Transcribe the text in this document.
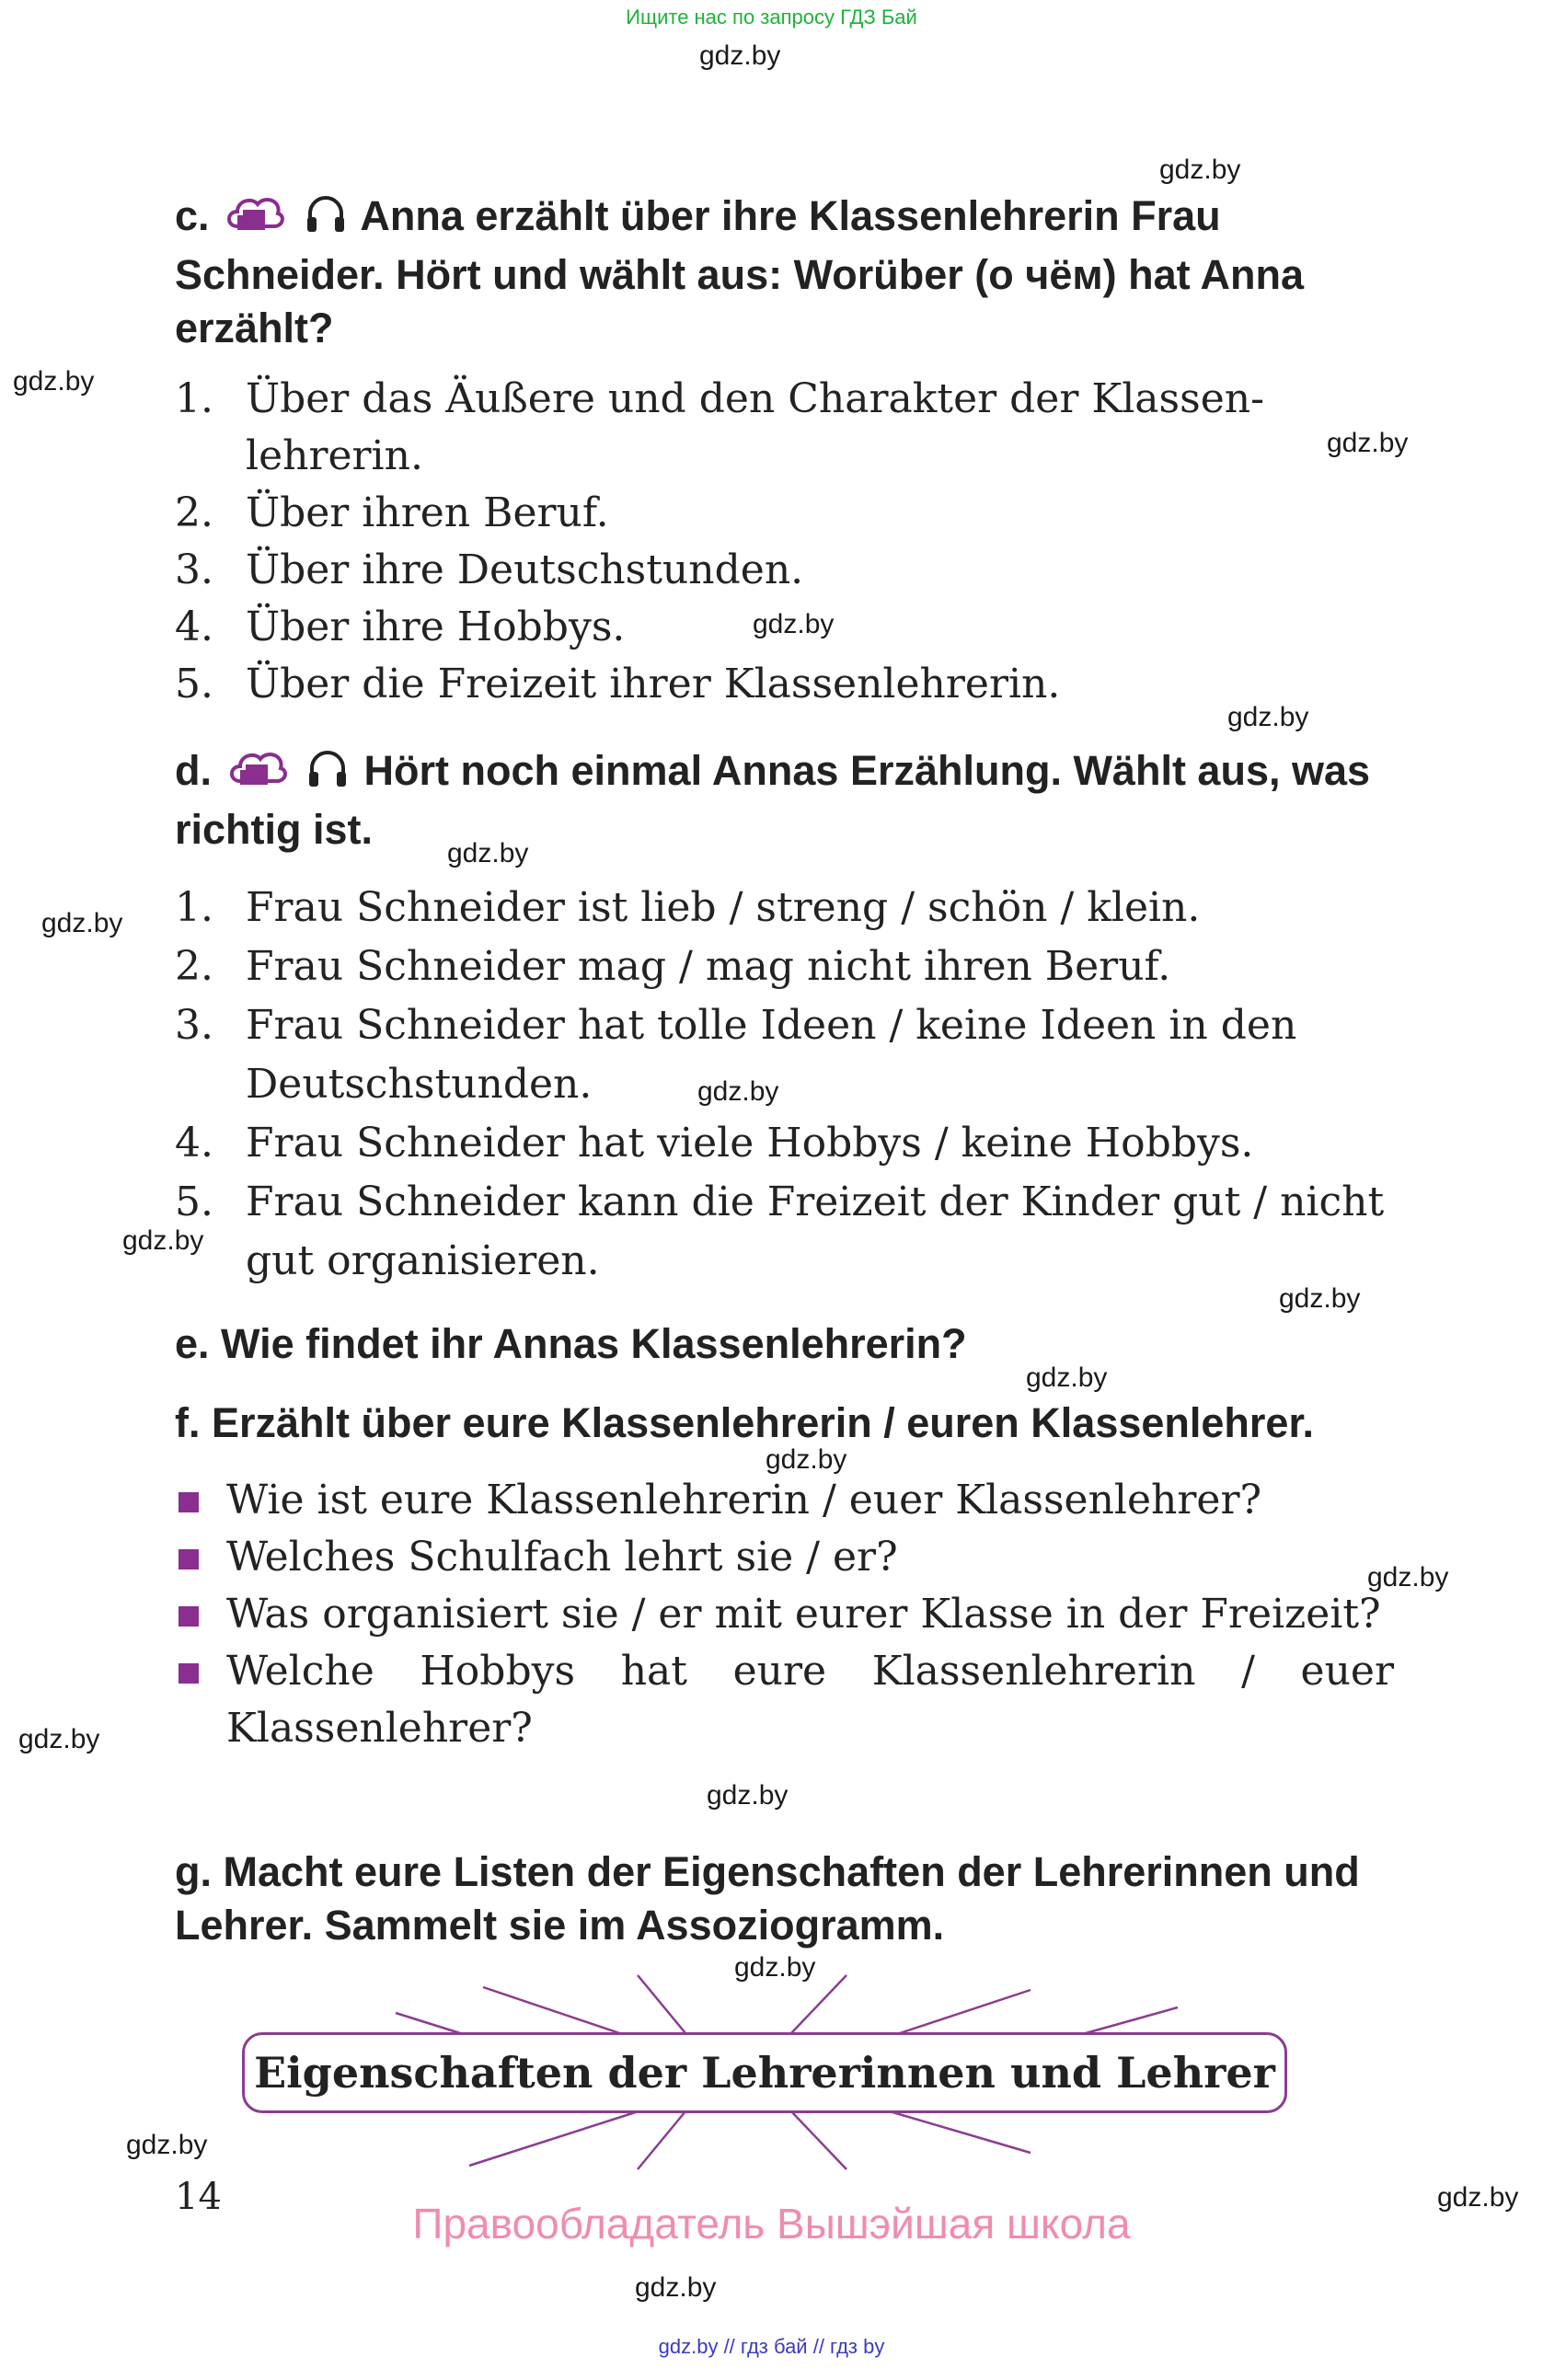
Ищите нас по запросу ГДЗ Бай
gdz.by
gdz.by
gdz.by
gdz.by
gdz.by
gdz.by
gdz.by
gdz.by
gdz.by
gdz.by
gdz.by
gdz.by
gdz.by
gdz.by
gdz.by
gdz.by
gdz.by
gdz.by
gdz.by
gdz.by
c.	Anna erzählt über ihre Klassenlehrerin Frau
Schneider. Hört und wählt aus: Worüber (о чём) hat Anna erzählt?
1. Über das Äußere und den Charakter der Klassen-lehrerin.
2. Über ihren Beruf.
3. Über ihre Deutschstunden.
4. Über ihre Hobbys.
5. Über die Freizeit ihrer Klassenlehrerin.
d.	Hört noch einmal Annas Erzählung. Wählt aus, was richtig ist.
1. Frau Schneider ist lieb / streng / schön / klein.
2. Frau Schneider mag / mag nicht ihren Beruf.
3. Frau Schneider hat tolle Ideen / keine Ideen in den Deutschstunden.
4. Frau Schneider hat viele Hobbys / keine Hobbys.
5. Frau Schneider kann die Freizeit der Kinder gut / nicht gut organisieren.
e. Wie findet ihr Annas Klassenlehrerin?
f. Erzählt über eure Klassenlehrerin / euren Klassenlehrer.
Wie ist eure Klassenlehrerin / euer Klassenlehrer?
Welches Schulfach lehrt sie / er?
Was organisiert sie / er mit eurer Klasse in der Freizeit?
Welche Hobbys hat eure Klassenlehrerin / euer Klassenlehrer?
g. Macht eure Listen der Eigenschaften der Lehrerinnen und Lehrer. Sammelt sie im Assoziogramm.
Eigenschaften der Lehrerinnen und Lehrer
14
Правообладатель Вышэйшая школа
gdz.by // гдз бай // гдз by
